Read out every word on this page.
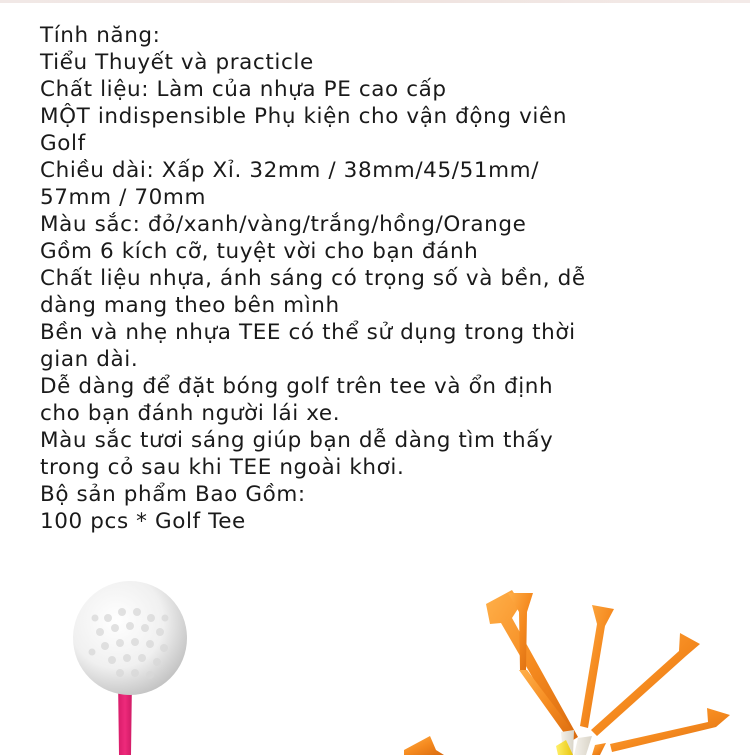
Tính năng:
Tiểu Thuyết và practicle
Chất liệu: Làm của nhựa PE cao cấp
MỘT indispensible Phụ kiện cho vận động viên
Golf
Chiều dài: Xấp Xỉ. 32mm / 38mm/45/51mm/
57mm / 70mm
Màu sắc: đỏ/xanh/vàng/trắng/hồng/Orange
Gồm 6 kích cỡ, tuyệt vời cho bạn đánh
Chất liệu nhựa, ánh sáng có trọng số và bền, dễ
dàng mang theo bên mình
Bền và nhẹ nhựa TEE có thể sử dụng trong thời
gian dài.
Dễ dàng để đặt bóng golf trên tee và ổn định
cho bạn đánh người lái xe.
Màu sắc tươi sáng giúp bạn dễ dàng tìm thấy
trong cỏ sau khi TEE ngoài khơi.
Bộ sản phẩm Bao Gồm:
100 pcs * Golf Tee
